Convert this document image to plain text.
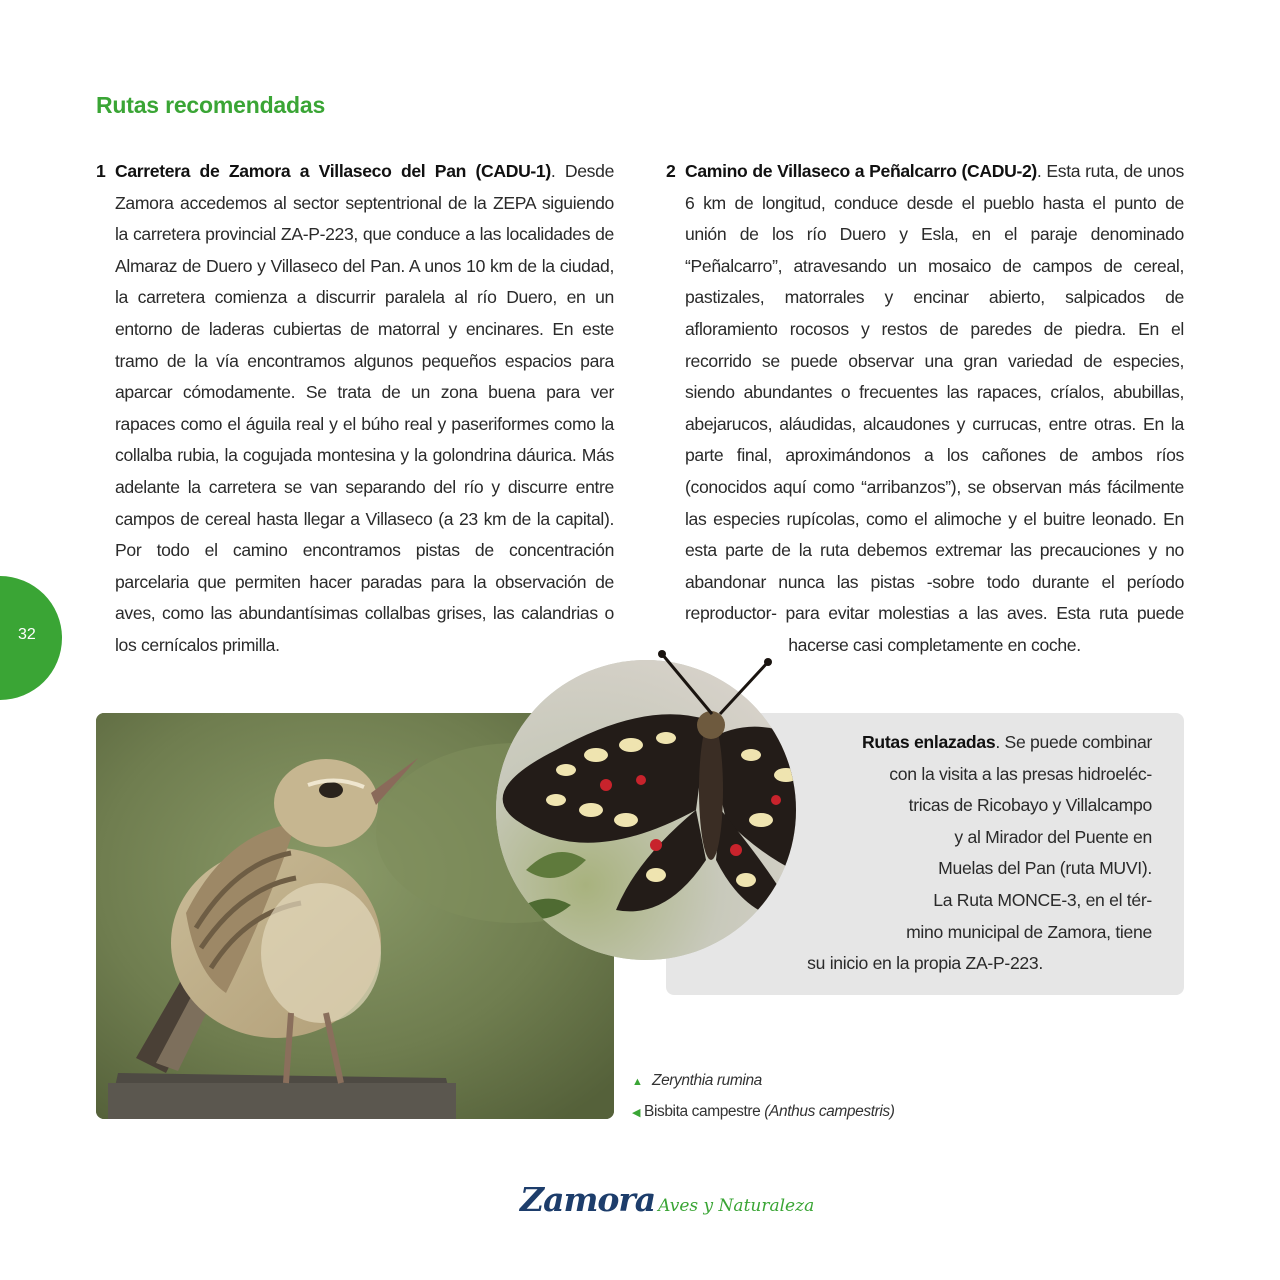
Rutas recomendadas
1 Carretera de Zamora a Villaseco del Pan (CADU-1). Desde Zamora accedemos al sector septentrional de la ZEPA siguiendo la carretera provincial ZA-P-223, que conduce a las localidades de Almaraz de Duero y Villaseco del Pan. A unos 10 km de la ciudad, la carretera comienza a discurrir paralela al río Duero, en un entorno de laderas cubiertas de matorral y encinares. En este tramo de la vía encontramos algunos pequeños espacios para aparcar cómodamente. Se trata de un zona buena para ver rapaces como el águila real y el búho real y paseriformes como la collalba rubia, la cogujada montesina y la golondrina dáurica. Más adelante la carretera se van separando del río y discurre entre campos de cereal hasta llegar a Villaseco (a 23 km de la capital). Por todo el camino encontramos pistas de concentración parcelaria que permiten hacer paradas para la observación de aves, como las abundantísimas collalbas grises, las calandrias o los cernícalos primilla.

2 Camino de Villaseco a Peñalcarro (CADU-2). Esta ruta, de unos 6 km de longitud, conduce desde el pueblo hasta el punto de unión de los río Duero y Esla, en el paraje denominado “Peñalcarro”, atravesando un mosaico de campos de cereal, pastizales, matorrales y encinar abierto, salpicados de afloramiento rocosos y restos de paredes de piedra. En el recorrido se puede observar una gran variedad de especies, siendo abundantes o frecuentes las rapaces, críalos, abubillas, abejarucos, aláudidas, alcaudones y currucas, entre otras. En la parte final, aproximándonos a los cañones de ambos ríos (conocidos aquí como “arribanzos”), se observan más fácilmente las especies rupícolas, como el alimoche y el buitre leonado. En esta parte de la ruta debemos extremar las precauciones y no abandonar nunca las pistas -sobre todo durante el período reproductor- para evitar molestias a las aves. Esta ruta puede hacerse casi completamente en coche.

32
Rutas enlazadas. Se puede combinar
con la visita a las presas hidroeléc-
tricas de Ricobayo y Villalcampo
y al Mirador del Puente en
Muelas del Pan (ruta MUVI).
La Ruta MONCE-3, en el tér-
mino municipal de Zamora, tiene
su inicio en la propia ZA-P-223.
▲ Zerynthia rumina
◀ Bisbita campestre (Anthus campestris)
Zamora Aves y Naturaleza
